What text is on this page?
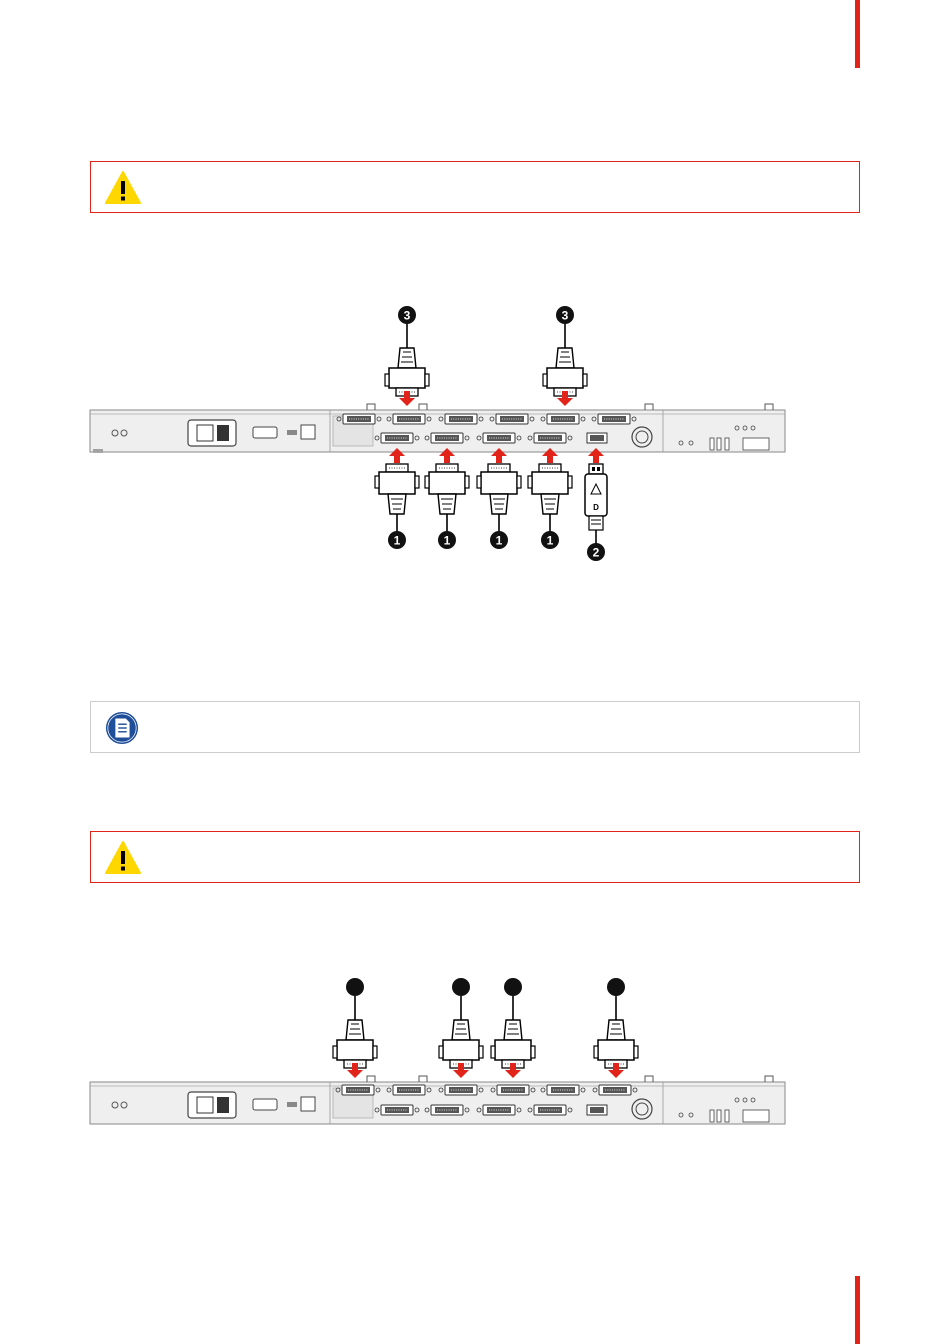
D
3	3
1	1	1	1
2
